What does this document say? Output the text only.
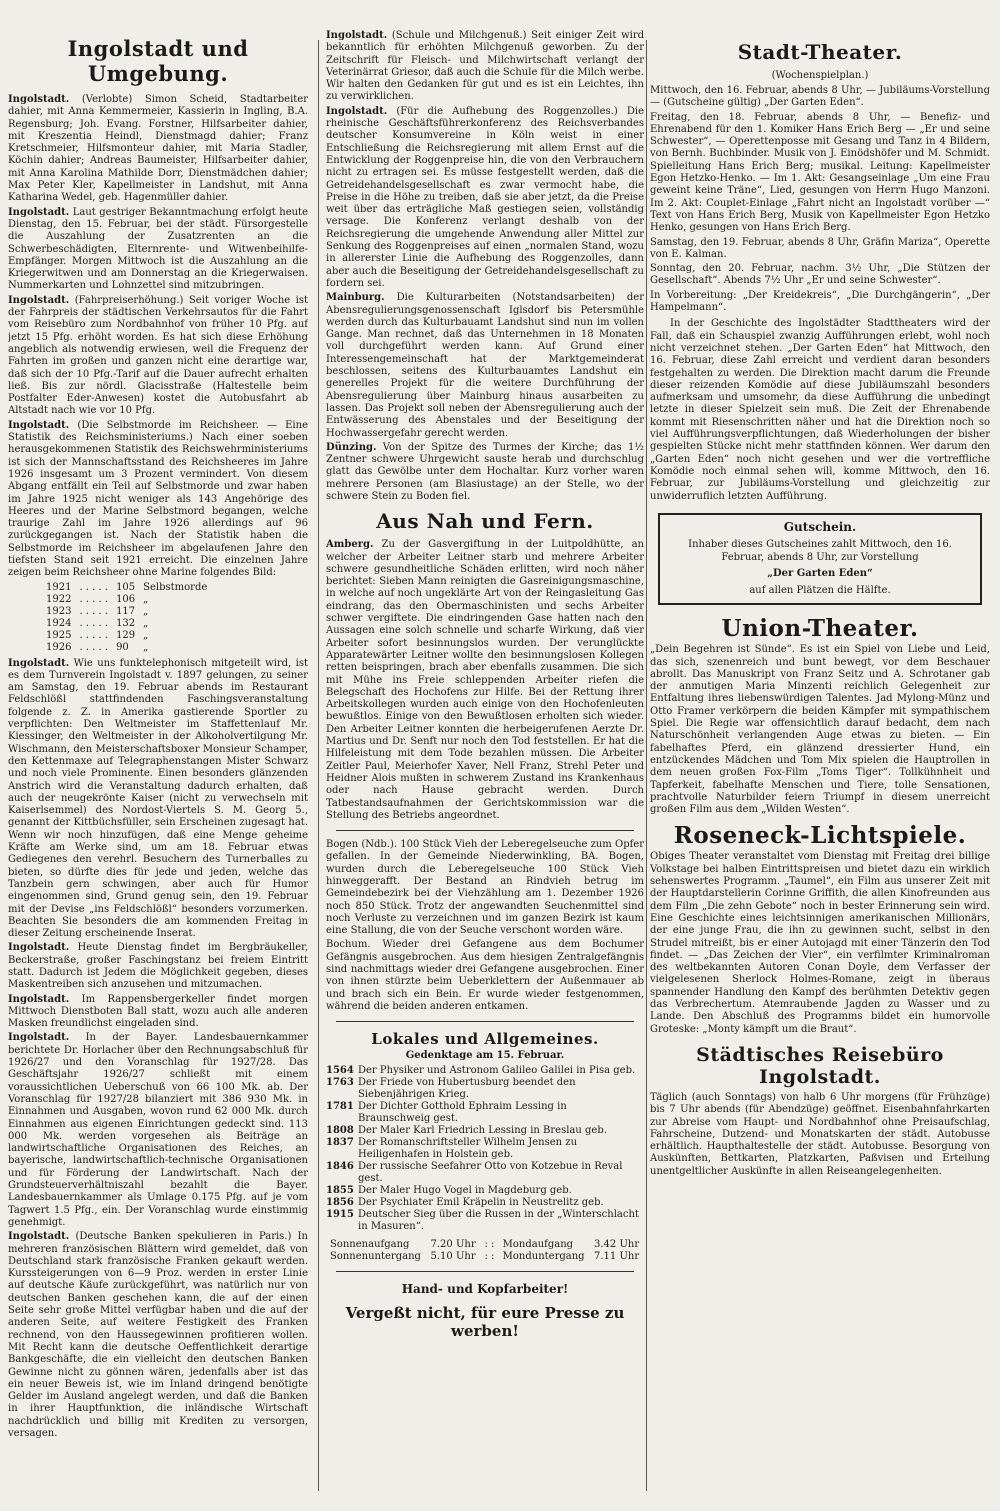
Ingolstadt und Umgebung.

Ingolstadt. (Verlobte) Simon Scheid, Stadtarbeiter dahier, mit Anna Kemmermeier, Kassierin in Ingling, B.A. Regensburg; Joh. Evang. Forstner, Hilfsarbeiter dahier, mit Kreszentia Heindl, Dienstmagd dahier; Franz Kretschmeier, Hilfsmonteur dahier, mit Maria Stadler, Köchin dahier; Andreas Baumeister, Hilfsarbeiter dahier, mit Anna Karolina Mathilde Dorr, Dienstmädchen dahier; Max Peter Kler, Kapellmeister in Landshut, mit Anna Katharina Wedel, geb. Hagenmüller dahier.

Ingolstadt. Laut gestriger Bekanntmachung erfolgt heute Dienstag, den 15. Februar, bei der städt. Fürsorgestelle die Auszahlung der Zusatzrenten an die Schwerbeschädigten, Elternrente- und Witwenbeihilfe-Empfänger. Morgen Mittwoch ist die Auszahlung an die Kriegerwitwen und am Donnerstag an die Kriegerwaisen. Nummerkarten und Lohnzettel sind mitzubringen.

Ingolstadt. (Fahrpreiserhöhung.) Seit voriger Woche ist der Fahrpreis der städtischen Verkehrsautos für die Fahrt vom Reisebüro zum Nordbahnhof von früher 10 Pfg. auf jetzt 15 Pfg. erhöht worden. Es hat sich diese Erhöhung angeblich als notwendig erwiesen, weil die Frequenz der Fahrten im großen und ganzen nicht eine derartige war, daß sich der 10 Pfg.-Tarif auf die Dauer aufrecht erhalten ließ. Bis zur nördl. Glacisstraße (Haltestelle beim Postfalter Eder-Anwesen) kostet die Autobusfahrt ab Altstadt nach wie vor 10 Pfg.

Ingolstadt. (Die Selbstmorde im Reichsheer. — Eine Statistik des Reichsministeriums.) Nach einer soeben herausgekommenen Statistik des Reichswehrministeriums ist sich der Mannschaftsstand des Reichsheeres im Jahre 1926 insgesamt um 3 Prozent vermindert. Von diesem Abgang entfällt ein Teil auf Selbstmorde und zwar haben im Jahre 1925 nicht weniger als 143 Angehörige des Heeres und der Marine Selbstmord begangen, welche traurige Zahl im Jahre 1926 allerdings auf 96 zurückgegangen ist. Nach der Statistik haben die Selbstmorde im Reichsheer im abgelaufenen Jahre den tiefsten Stand seit 1921 erreicht. Die einzelnen Jahre zeigen beim Reichsheer ohne Marine folgendes Bild:

1921	. . . . .	105	Selbstmorde
1922	. . . . .	106	„
1923	. . . . .	117	„
1924	. . . . .	132	„
1925	. . . . .	129	„
1926	. . . . .	90	„

Ingolstadt. Wie uns funktelephonisch mitgeteilt wird, ist es dem Turnverein Ingolstadt v. 1897 gelungen, zu seiner am Samstag, den 19. Februar abends im Restaurant Feldschlößl stattfindenden Faschingsveranstaltung folgende z. Z. in Amerika gastierende Sportler zu verpflichten: Den Weltmeister im Staffettenlauf Mr. Kiessinger, den Weltmeister in der Alkoholvertilgung Mr. Wischmann, den Meisterschaftsboxer Monsieur Schamper, den Kettenmaxe auf Telegraphenstangen Mister Schwarz und noch viele Prominente. Einen besonders glänzenden Anstrich wird die Veranstaltung dadurch erhalten, daß auch der neugekrönte Kaiser (nicht zu verwechseln mit Kaiserlsemmel) des Nordost-Viertels S. M. Georg 5., genannt der Kittbüchsfüller, sein Erscheinen zugesagt hat. Wenn wir noch hinzufügen, daß eine Menge geheime Kräfte am Werke sind, um am 18. Februar etwas Gediegenes den verehrl. Besuchern des Turnerballes zu bieten, so dürfte dies für jede und jeden, welche das Tanzbein gern schwingen, aber auch für Humor eingenommen sind, Grund genug sein, den 19. Februar mit der Devise „ins Feldschlößl“ besonders vorzumerken. Beachten Sie besonders die am kommenden Freitag in dieser Zeitung erscheinende Inserat.

Ingolstadt. Heute Dienstag findet im Bergbräukeller, Beckerstraße, großer Faschingstanz bei freiem Eintritt statt. Dadurch ist Jedem die Möglichkeit gegeben, dieses Maskentreiben sich anzusehen und mitzumachen.

Ingolstadt. Im Rappensbergerkeller findet morgen Mittwoch Dienstboten Ball statt, wozu auch alle anderen Masken freundlichst eingeladen sind.

Ingolstadt. In der Bayer. Landesbauernkammer berichtete Dr. Horlacher über den Rechnungsabschluß für 1926/27 und den Voranschlag für 1927/28. Das Geschäftsjahr 1926/27 schließt mit einem voraussichtlichen Ueberschuß von 66 100 Mk. ab. Der Voranschlag für 1927/28 bilanziert mit 386 930 Mk. in Einnahmen und Ausgaben, wovon rund 62 000 Mk. durch Einnahmen aus eigenen Einrichtungen gedeckt sind. 113 000 Mk. werden vorgesehen als Beiträge an landwirtschaftliche Organisationen des Reiches, an bayerische, landwirtschaftlich-technische Organisationen und für Förderung der Landwirtschaft. Nach der Grundsteuerverhältniszahl bezahlt die Bayer. Landesbauernkammer als Umlage 0.175 Pfg. auf je vom Tagwert 1.5 Pfg., ein. Der Voranschlag wurde einstimmig genehmigt.

Ingolstadt. (Deutsche Banken spekulieren in Paris.) In mehreren französischen Blättern wird gemeldet, daß von Deutschland stark französische Franken gekauft werden. Kurssteigerungen von 6—9 Proz. werden in erster Linie auf deutsche Käufe zurückgeführt, was natürlich nur von deutschen Banken geschehen kann, die auf der einen Seite sehr große Mittel verfügbar haben und die auf der anderen Seite, auf weitere Festigkeit des Franken rechnend, von den Haussegewinnen profitieren wollen. Mit Recht kann die deutsche Oeffentlichkeit derartige Bankgeschäfte, die ein vielleicht den deutschen Banken Gewinne nicht zu gönnen wären, jedenfalls aber ist das ein neuer Beweis ist, wie im Inland dringend benötigte Gelder im Ausland angelegt werden, und daß die Banken in ihrer Hauptfunktion, die inländische Wirtschaft nachdrücklich und billig mit Krediten zu versorgen, versagen.

Ingolstadt. (Schule und Milchgenuß.) Seit einiger Zeit wird bekanntlich für erhöhten Milchgenuß geworben. Zu der Zeitschrift für Fleisch- und Milchwirtschaft verlangt der Veterinärrat Griesor, daß auch die Schule für die Milch werbe. Wir halten den Gedanken für gut und es ist ein Leichtes, ihn zu verwirklichen.

Ingolstadt. (Für die Aufhebung des Roggenzolles.) Die rheinische Geschäftsführerkonferenz des Reichsverbandes deutscher Konsumvereine in Köln weist in einer Entschließung die Reichsregierung mit allem Ernst auf die Entwicklung der Roggenpreise hin, die von den Verbrauchern nicht zu ertragen sei. Es müsse festgestellt werden, daß die Getreidehandelsgesellschaft es zwar vermocht habe, die Preise in die Höhe zu treiben, daß sie aber jetzt, da die Preise weit über das erträgliche Maß gestiegen seien, vollständig versage. Die Konferenz verlangt deshalb von der Reichsregierung die umgehende Anwendung aller Mittel zur Senkung des Roggenpreises auf einen „normalen Stand, wozu in allererster Linie die Aufhebung des Roggenzolles, dann aber auch die Beseitigung der Getreidehandelsgesellschaft zu fordern sei.

Mainburg. Die Kulturarbeiten (Notstandsarbeiten) der Abensregulierungsgenossenschaft Iglsdorf bis Petersmühle werden durch das Kulturbauamt Landshut sind nun im vollen Gange. Man rechnet, daß das Unternehmen in 18 Monaten voll durchgeführt werden kann. Auf Grund einer Interessengemeinschaft hat der Marktgemeinderat beschlossen, seitens des Kulturbauamtes Landshut ein generelles Projekt für die weitere Durchführung der Abensregulierung über Mainburg hinaus ausarbeiten zu lassen. Das Projekt soll neben der Abensregulierung auch der Entwässerung des Abenstales und der Beseitigung der Hochwassergefahr gerecht werden.

Dünzing. Von der Spitze des Turmes der Kirche; das 1½ Zentner schwere Uhrgewicht sauste herab und durchschlug glatt das Gewölbe unter dem Hochaltar. Kurz vorher waren mehrere Personen (am Blasiustage) an der Stelle, wo der schwere Stein zu Boden fiel.

Aus Nah und Fern.

Amberg. Zu der Gasvergiftung in der Luitpoldhütte, an welcher der Arbeiter Leitner starb und mehrere Arbeiter schwere gesundheitliche Schäden erlitten, wird noch näher berichtet: Sieben Mann reinigten die Gasreinigungsmaschine, in welche auf noch ungeklärte Art von der Reingasleitung Gas eindrang, das den Obermaschinisten und sechs Arbeiter schwer vergiftete. Die eindringenden Gase hatten nach den Aussagen eine solch schnelle und scharfe Wirkung, daß vier Arbeiter sofort besinnungslos wurden. Der verunglückte Apparatewärter Leitner wollte den besinnungslosen Kollegen retten beispringen, brach aber ebenfalls zusammen. Die sich mit Mühe ins Freie schleppenden Arbeiter riefen die Belegschaft des Hochofens zur Hilfe. Bei der Rettung ihrer Arbeitskollegen wurden auch einige von den Hochofenleuten bewußtlos. Einige von den Bewußtlosen erholten sich wieder. Den Arbeiter Leitner konnten die herbeigerufenen Aerzte Dr. Martius und Dr. Senft nur noch den Tod feststellen. Er hat die Hilfeleistung mit dem Tode bezahlen müssen. Die Arbeiter Zeitler Paul, Meierhofer Xaver, Nell Franz, Strehl Peter und Heidner Alois mußten in schwerem Zustand ins Krankenhaus oder nach Hause gebracht werden. Durch Tatbestandsaufnahmen der Gerichtskommission war die Stellung des Betriebs angeordnet.

Bogen (Ndb.). 100 Stück Vieh der Leberegelseuche zum Opfer gefallen. In der Gemeinde Niederwinkling, BA. Bogen, wurden durch die Leberegelseuche 100 Stück Vieh hinweggerafft. Der Bestand an Rindvieh betrug im Gemeindebezirk bei der Viehzählung am 1. Dezember 1926 noch 850 Stück. Trotz der angewandten Seuchenmittel sind noch Verluste zu verzeichnen und im ganzen Bezirk ist kaum eine Stallung, die von der Seuche verschont worden wäre.

Bochum. Wieder drei Gefangene aus dem Bochumer Gefängnis ausgebrochen. Aus dem hiesigen Zentralgefängnis sind nachmittags wieder drei Gefangene ausgebrochen. Einer von ihnen stürzte beim Ueberklettern der Außenmauer ab und brach sich ein Bein. Er wurde wieder festgenommen, während die beiden anderen entkamen.

Lokales und Allgemeines.
Gedenktage am 15. Februar.
1564	Der Physiker und Astronom Galileo Galilei in Pisa geb.
1763	Der Friede von Hubertusburg beendet den Siebenjährigen Krieg.
1781	Der Dichter Gotthold Ephraim Lessing in Braunschweig gest.
1808	Der Maler Karl Friedrich Lessing in Breslau geb.
1837	Der Romanschriftsteller Wilhelm Jensen zu Heiligenhafen in Holstein geb.
1846	Der russische Seefahrer Otto von Kotzebue in Reval gest.
1855	Der Maler Hugo Vogel in Magdeburg geb.
1856	Der Psychiater Emil Kräpelin in Neustrelitz geb.
1915	Deutscher Sieg über die Russen in der „Winterschlacht in Masuren“.
Sonnenaufgang	7.20 Uhr	: :	Mondaufgang	3.42 Uhr
Sonnenuntergang	5.10 Uhr	: :	Monduntergang	7.11 Uhr
Hand- und Kopfarbeiter!
Vergeßt nicht, für eure Presse zu werben!
Stadt-Theater.
(Wochenspielplan.)

Mittwoch, den 16. Februar, abends 8 Uhr, — Jubiläums-Vorstellung — (Gutscheine gültig) „Der Garten Eden“.

Freitag, den 18. Februar, abends 8 Uhr, — Benefiz- und Ehrenabend für den 1. Komiker Hans Erich Berg — „Er und seine Schwester“, — Operettenposse mit Gesang und Tanz in 4 Bildern, von Bernh. Buchbinder. Musik von J. Einödshöfer und M. Schmidt. Spielleitung Hans Erich Berg; musikal. Leitung: Kapellmeister Egon Hetzko-Henko. — Im 1. Akt: Gesangseinlage „Um eine Frau geweint keine Träne“, Lied, gesungen von Herrn Hugo Manzoni. Im 2. Akt: Couplet-Einlage „Fahrt nicht an Ingolstadt vorüber —“ Text von Hans Erich Berg, Musik von Kapellmeister Egon Hetzko Henko, gesungen von Hans Erich Berg.

Samstag, den 19. Februar, abends 8 Uhr, Gräfin Mariza“, Operette von E. Kalman.

Sonntag, den 20. Februar, nachm. 3½ Uhr, „Die Stützen der Gesellschaft“. Abends 7½ Uhr „Er und seine Schwester“.

In Vorbereitung: „Der Kreidekreis“, „Die Durchgängerin“, „Der Hampelmann“.

In der Geschichte des Ingolstädter Stadttheaters wird der Fall, daß ein Schauspiel zwanzig Aufführungen erlebt, wohl noch nicht verzeichnet stehen. „Der Garten Eden“ hat Mittwoch, den 16. Februar, diese Zahl erreicht und verdient daran besonders festgehalten zu werden. Die Direktion macht darum die Freunde dieser reizenden Komödie auf diese Jubiläumszahl besonders aufmerksam und umsomehr, da diese Aufführung die unbedingt letzte in dieser Spielzeit sein muß. Die Zeit der Ehrenabende kommt mit Riesenschritten näher und hat die Direktion noch so viel Aufführungsverpflichtungen, daß Wiederholungen der bisher gespielten Stücke nicht mehr stattfinden können. Wer darum den „Garten Eden“ noch nicht gesehen und wer die vortreffliche Komödie noch einmal sehen will, komme Mittwoch, den 16. Februar, zur Jubiläums-Vorstellung und gleichzeitig zur unwiderruflich letzten Aufführung.

Gutschein.
Inhaber dieses Gutscheines zahlt Mittwoch, den 16. Februar, abends 8 Uhr, zur Vorstellung
„Der Garten Eden“
auf allen Plätzen die Hälfte.
Union-Theater.

„Dein Begehren ist Sünde“. Es ist ein Spiel von Liebe und Leid, das sich, szenenreich und bunt bewegt, vor dem Beschauer abrollt. Das Manuskript von Franz Seitz und A. Schrotaner gab der anmutigen Maria Minzenti reichlich Gelegenheit zur Entfaltung ihres liebenswürdigen Talentes. Jad Mylong-Münz und Otto Framer verkörpern die beiden Kämpfer mit sympathischem Spiel. Die Regie war offensichtlich darauf bedacht, dem nach Naturschönheit verlangenden Auge etwas zu bieten. — Ein fabelhaftes Pferd, ein glänzend dressierter Hund, ein entzückendes Mädchen und Tom Mix spielen die Hauptrollen in dem neuen großen Fox-Film „Toms Tiger“. Tollkühnheit und Tapferkeit, fabelhafte Menschen und Tiere, tolle Sensationen, prachtvolle Naturbilder feiern Triumpf in diesem unerreicht großen Film aus dem „Wilden Westen“.

Roseneck-Lichtspiele.

Obiges Theater veranstaltet vom Dienstag mit Freitag drei billige Volkstage bei halben Eintrittspreisen und bietet dazu ein wirklich sehenswertes Programm. „Taumel“, ein Film aus unserer Zeit mit der Hauptdarstellerin Corinne Griffith, die allen Kinofreunden aus dem Film „Die zehn Gebote“ noch in bester Erinnerung sein wird. Eine Geschichte eines leichtsinnigen amerikanischen Millionärs, der eine junge Frau, die ihn zu gewinnen sucht, selbst in den Strudel mitreißt, bis er einer Autojagd mit einer Tänzerin den Tod findet. — „Das Zeichen der Vier“, ein verfilmter Kriminalroman des weltbekannten Autoren Conan Doyle, dem Verfasser der vielgelesenen Sherlock Holmes-Romane, zeigt in überaus spannender Handlung den Kampf des berühmten Detektiv gegen das Verbrechertum. Atemraubende Jagden zu Wasser und zu Lande. Den Abschluß des Programms bildet ein humorvolle Groteske: „Monty kämpft um die Braut“.

Städtisches Reisebüro Ingolstadt.

Täglich (auch Sonntags) von halb 6 Uhr morgens (für Frühzüge) bis 7 Uhr abends (für Abendzüge) geöffnet. Eisenbahnfahrkarten zur Abreise vom Haupt- und Nordbahnhof ohne Preisaufschlag, Fahrscheine, Dutzend- und Monatskarten der städt. Autobusse erhältlich. Haupthaltestelle der städt. Autobusse. Besorgung von Auskünften, Bettkarten, Platzkarten, Paßvisen und Erteilung unentgeltlicher Auskünfte in allen Reiseangelegenheiten.
